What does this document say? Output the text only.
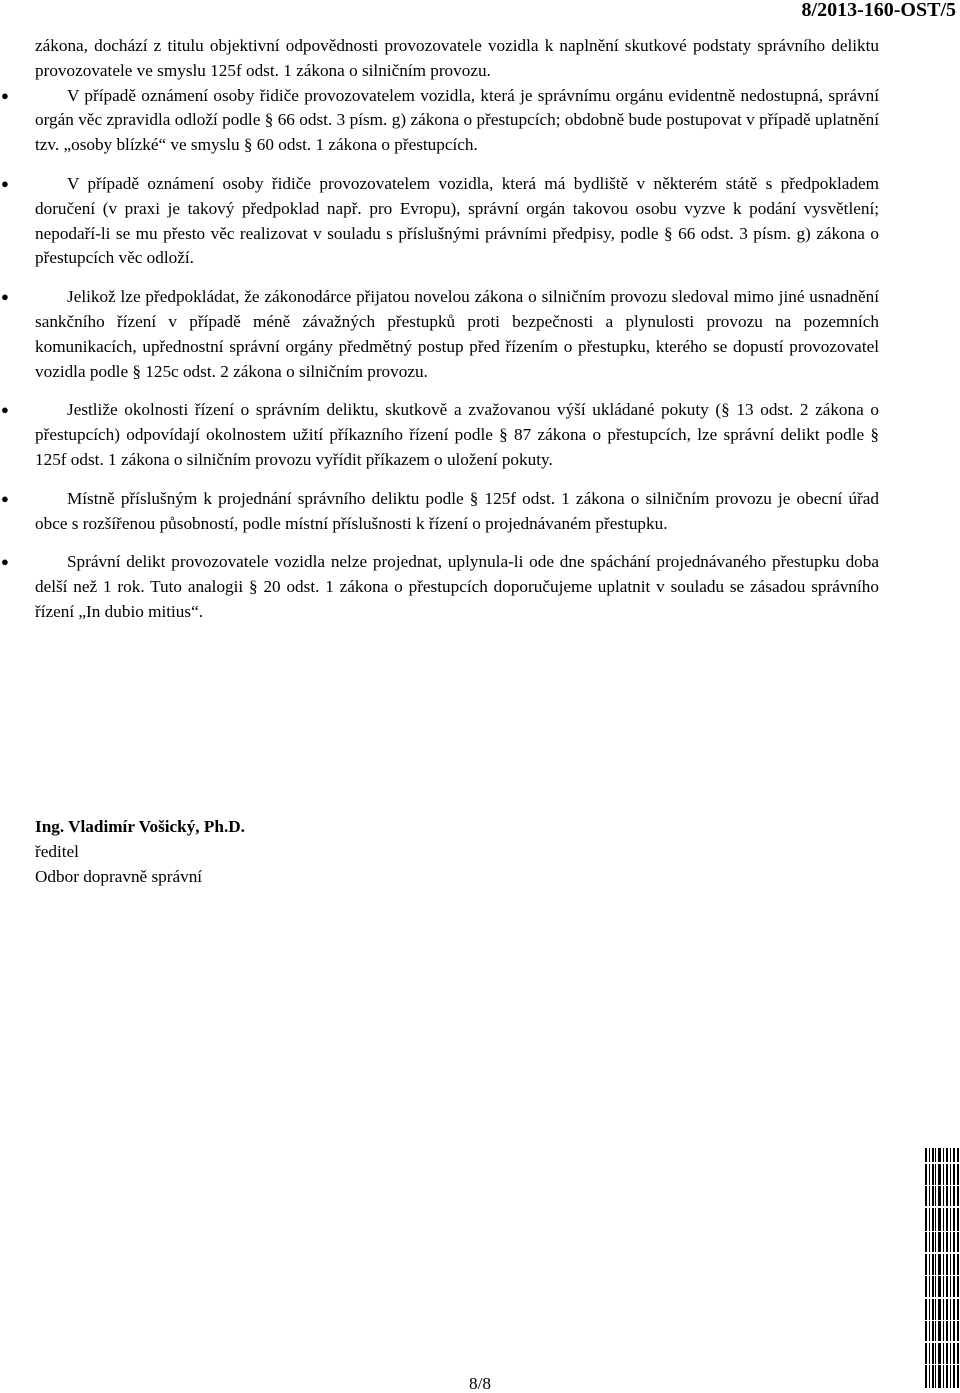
8/2013-160-OST/5

zákona, dochází z titulu objektivní odpovědnosti provozovatele vozidla k naplnění skutkové podstaty správního deliktu provozovatele ve smyslu 125f odst. 1 zákona o silničním provozu.

●	V případě oznámení osoby řidiče provozovatelem vozidla, která je správnímu orgánu evidentně nedostupná, správní orgán věc zpravidla odloží podle § 66 odst. 3 písm. g) zákona o přestupcích; obdobně bude postupovat v případě uplatnění tzv. „osoby blízké“ ve smyslu § 60 odst. 1 zákona o přestupcích.

●	V případě oznámení osoby řidiče provozovatelem vozidla, která má bydliště v některém státě s předpokladem doručení (v praxi je takový předpoklad např. pro Evropu), správní orgán takovou osobu vyzve k podání vysvětlení; nepodaří-li se mu přesto věc realizovat v souladu s příslušnými právními předpisy, podle § 66 odst. 3 písm. g) zákona o přestupcích věc odloží.

●	Jelikož lze předpokládat, že zákonodárce přijatou novelou zákona o silničním provozu sledoval mimo jiné usnadnění sankčního řízení v případě méně závažných přestupků proti bezpečnosti a plynulosti provozu na pozemních komunikacích, upřednostní správní orgány předmětný postup před řízením o přestupku, kterého se dopustí provozovatel vozidla podle § 125c odst. 2 zákona o silničním provozu.

●	Jestliže okolnosti řízení o správním deliktu, skutkově a zvažovanou výší ukládané pokuty (§ 13 odst. 2 zákona o přestupcích) odpovídají okolnostem užití příkazního řízení podle § 87 zákona o přestupcích, lze správní delikt podle § 125f odst. 1 zákona o silničním provozu vyřídit příkazem o uložení pokuty.

●	Místně příslušným k projednání správního deliktu podle § 125f odst. 1 zákona o silničním provozu je obecní úřad obce s rozšířenou působností, podle místní příslušnosti k řízení o projednávaném přestupku.

●	Správní delikt provozovatele vozidla nelze projednat, uplynula-li ode dne spáchání projednávaného přestupku doba delší než 1 rok. Tuto analogii § 20 odst. 1 zákona o přestupcích doporučujeme uplatnit v souladu se zásadou správního řízení „In dubio mitius“.

Ing. Vladimír Vošický, Ph.D.
ředitel
Odbor dopravně správní
8/8
